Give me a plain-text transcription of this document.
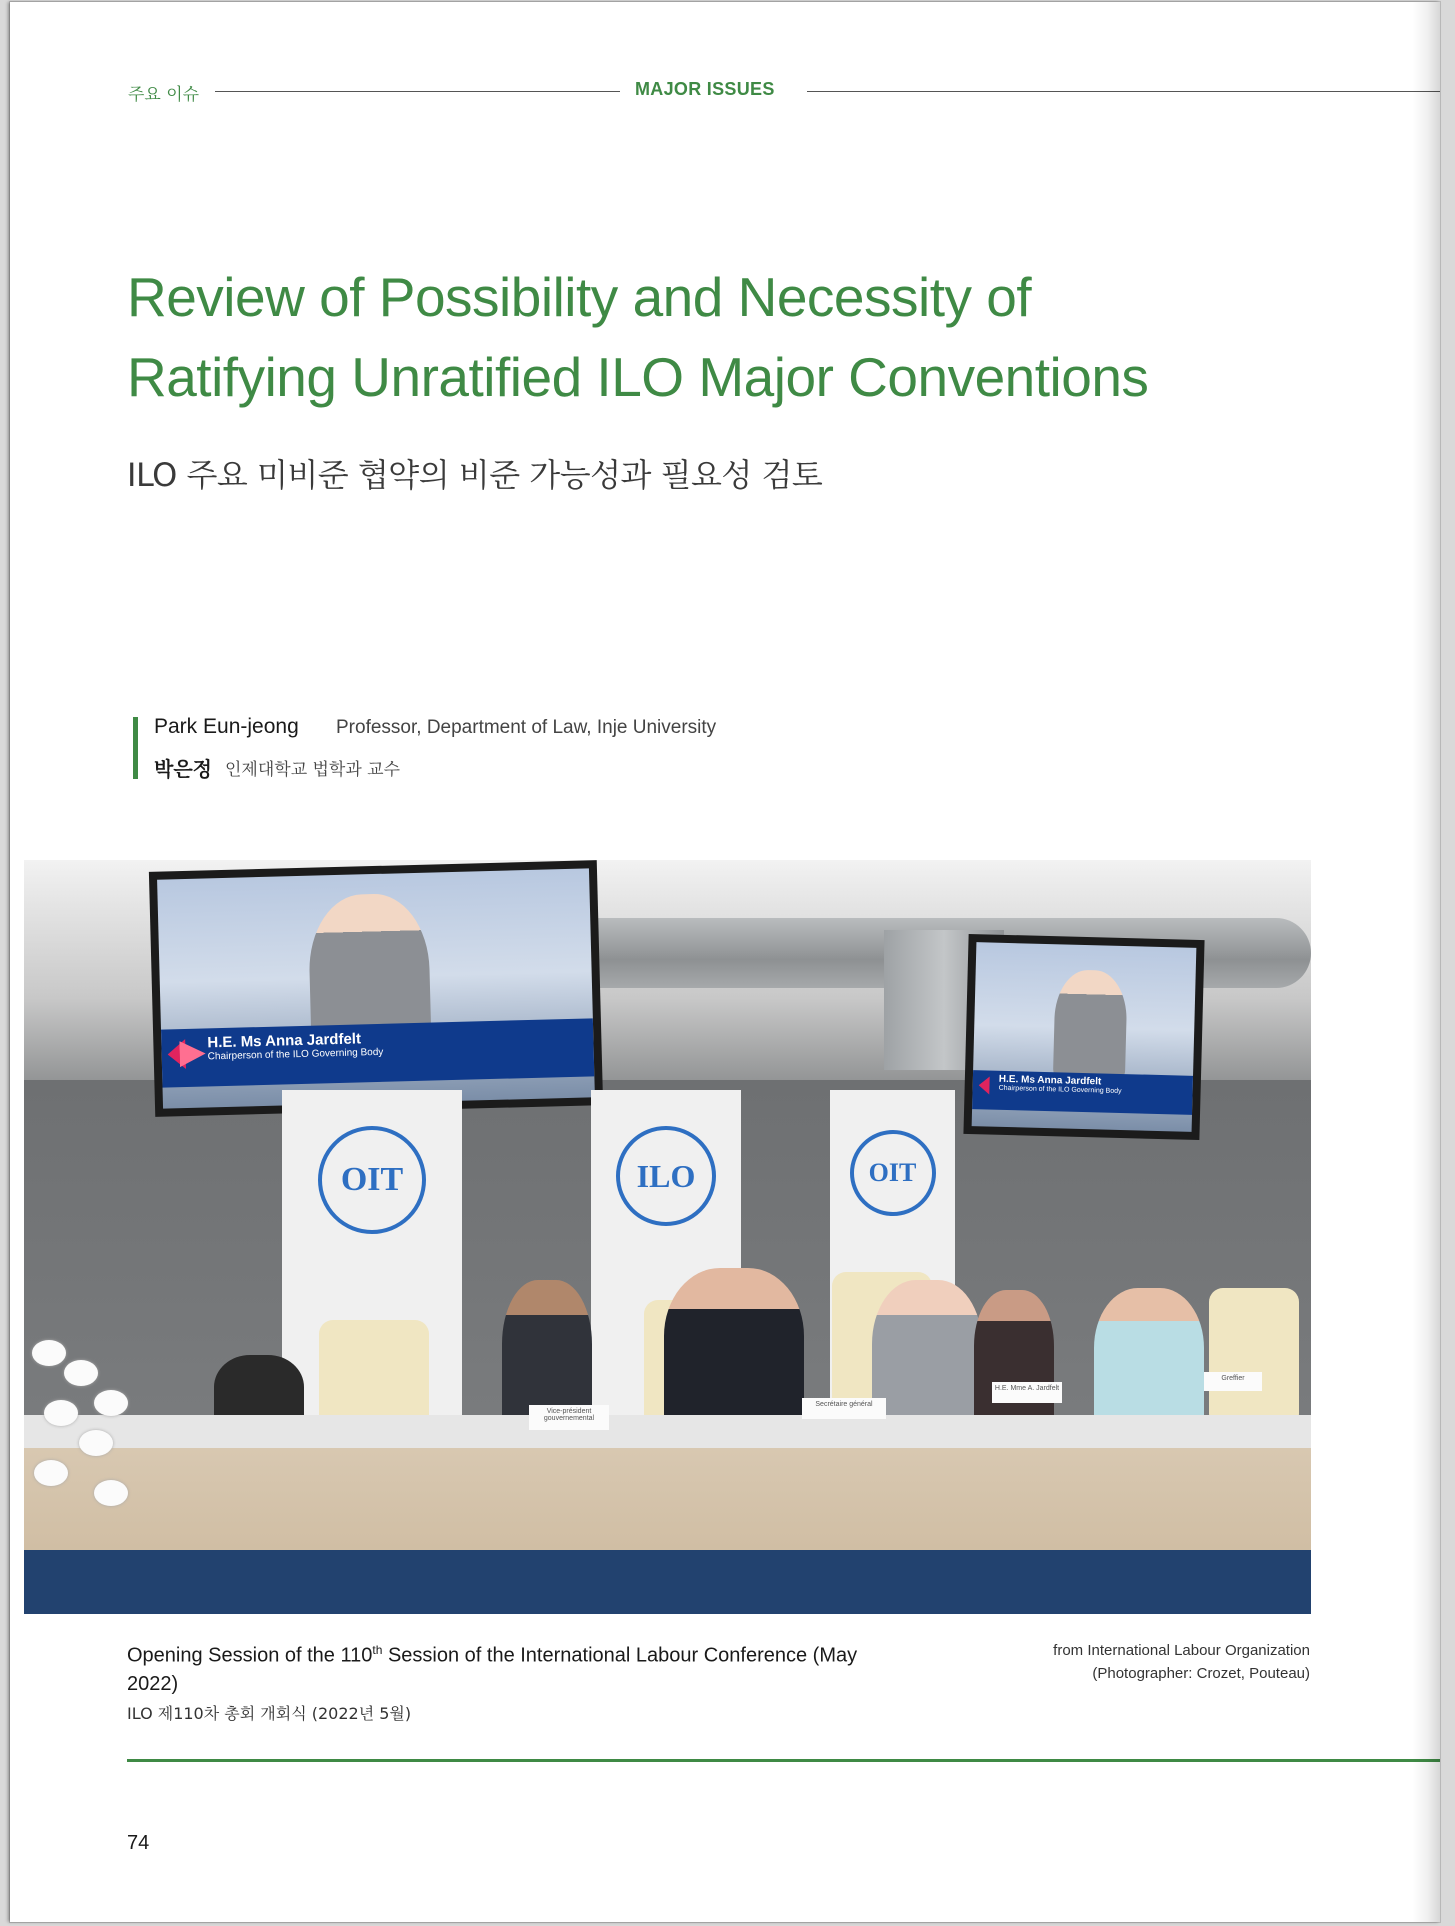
주요 이슈	MAJOR ISSUES
Review of Possibility and Necessity of
Ratifying Unratified ILO Major Conventions
ILO 주요 미비준 협약의 비준 가능성과 필요성 검토
Park Eun-jeong Professor, Department of Law, Inje University
박은정 인제대학교 법학과 교수
H.E. Ms Anna Jardfelt
Chairperson of the ILO Governing Body
H.E. Ms Anna Jardfelt
Chairperson of the ILO Governing Body
OIT	ILO	OIT
Vice-président gouvernemental
Secrétaire général
H.E. Mme A. Jardfelt
Greffier
Opening Session of the 110th Session of the International Labour Conference (May 2022)
ILO 제110차 총회 개회식 (2022년 5월)
from International Labour Organization
(Photographer: Crozet, Pouteau)
74
